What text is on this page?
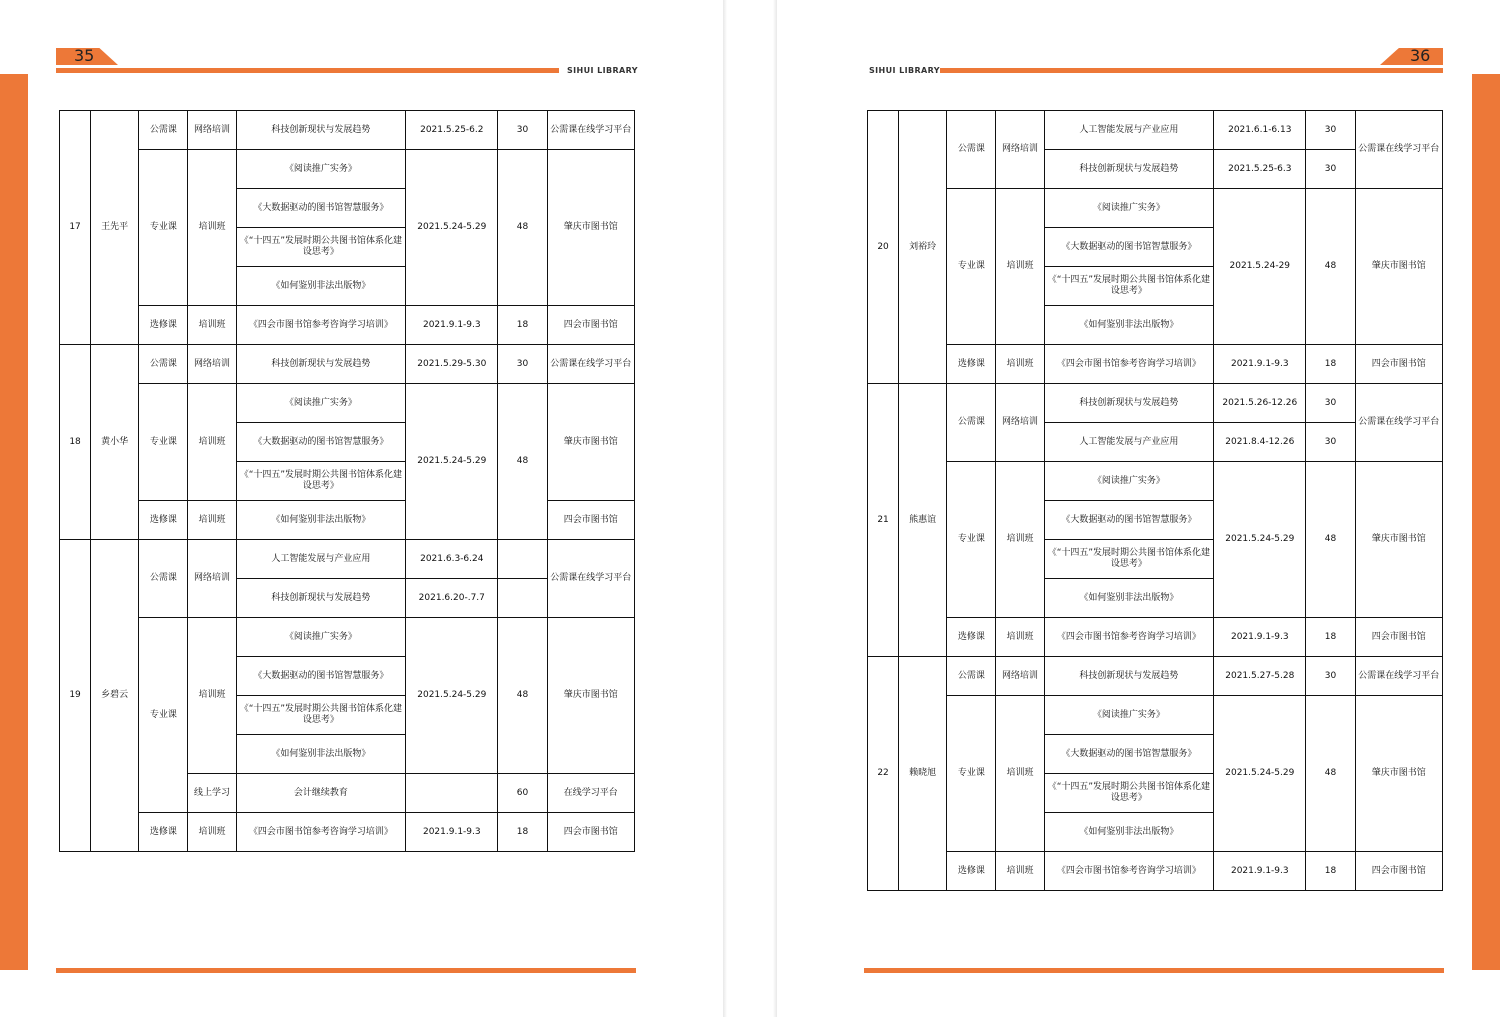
35
SIHUI LIBRARY
17	王先平	公需课	网络培训	科技创新现状与发展趋势	2021.5.25-6.2	30	公需课在线学习平台
		专业课	培训班	《阅读推广实务》	2021.5.24-5.29	48	肇庆市图书馆
				《大数据驱动的图书馆智慧服务》			
				《“十四五”发展时期公共图书馆体系化建设思考》			
				《如何鉴别非法出版物》			
		选修课	培训班	《四会市图书馆参考咨询学习培训》	2021.9.1-9.3	18	四会市图书馆
18	黄小华	公需课	网络培训	科技创新现状与发展趋势	2021.5.29-5.30	30	公需课在线学习平台
		专业课	培训班	《阅读推广实务》	2021.5.24-5.29	48	肇庆市图书馆
				《大数据驱动的图书馆智慧服务》			
				《“十四五”发展时期公共图书馆体系化建设思考》			
		选修课	培训班	《如何鉴别非法出版物》			四会市图书馆
19	乡碧云	公需课	网络培训	人工智能发展与产业应用	2021.6.3-6.24		公需课在线学习平台
				科技创新现状与发展趋势	2021.6.20-.7.7		
		专业课	培训班	《阅读推广实务》	2021.5.24-5.29	48	肇庆市图书馆
				《大数据驱动的图书馆智慧服务》			
				《“十四五”发展时期公共图书馆体系化建设思考》			
				《如何鉴别非法出版物》			
			线上学习	会计继续教育		60	在线学习平台
		选修课	培训班	《四会市图书馆参考咨询学习培训》	2021.9.1-9.3	18	四会市图书馆
36
SIHUI LIBRARY
20	刘裕玲	公需课	网络培训	人工智能发展与产业应用	2021.6.1-6.13	30	公需课在线学习平台
				科技创新现状与发展趋势	2021.5.25-6.3	30	
		专业课	培训班	《阅读推广实务》	2021.5.24-29	48	肇庆市图书馆
				《大数据驱动的图书馆智慧服务》			
				《“十四五”发展时期公共图书馆体系化建设思考》			
				《如何鉴别非法出版物》			
		选修课	培训班	《四会市图书馆参考咨询学习培训》	2021.9.1-9.3	18	四会市图书馆
21	熊惠谊	公需课	网络培训	科技创新现状与发展趋势	2021.5.26-12.26	30	公需课在线学习平台
				人工智能发展与产业应用	2021.8.4-12.26	30	
		专业课	培训班	《阅读推广实务》	2021.5.24-5.29	48	肇庆市图书馆
				《大数据驱动的图书馆智慧服务》			
				《“十四五”发展时期公共图书馆体系化建设思考》			
				《如何鉴别非法出版物》			
		选修课	培训班	《四会市图书馆参考咨询学习培训》	2021.9.1-9.3	18	四会市图书馆
22	赖晓旭	公需课	网络培训	科技创新现状与发展趋势	2021.5.27-5.28	30	公需课在线学习平台
		专业课	培训班	《阅读推广实务》	2021.5.24-5.29	48	肇庆市图书馆
				《大数据驱动的图书馆智慧服务》			
				《“十四五”发展时期公共图书馆体系化建设思考》			
				《如何鉴别非法出版物》			
		选修课	培训班	《四会市图书馆参考咨询学习培训》	2021.9.1-9.3	18	四会市图书馆
